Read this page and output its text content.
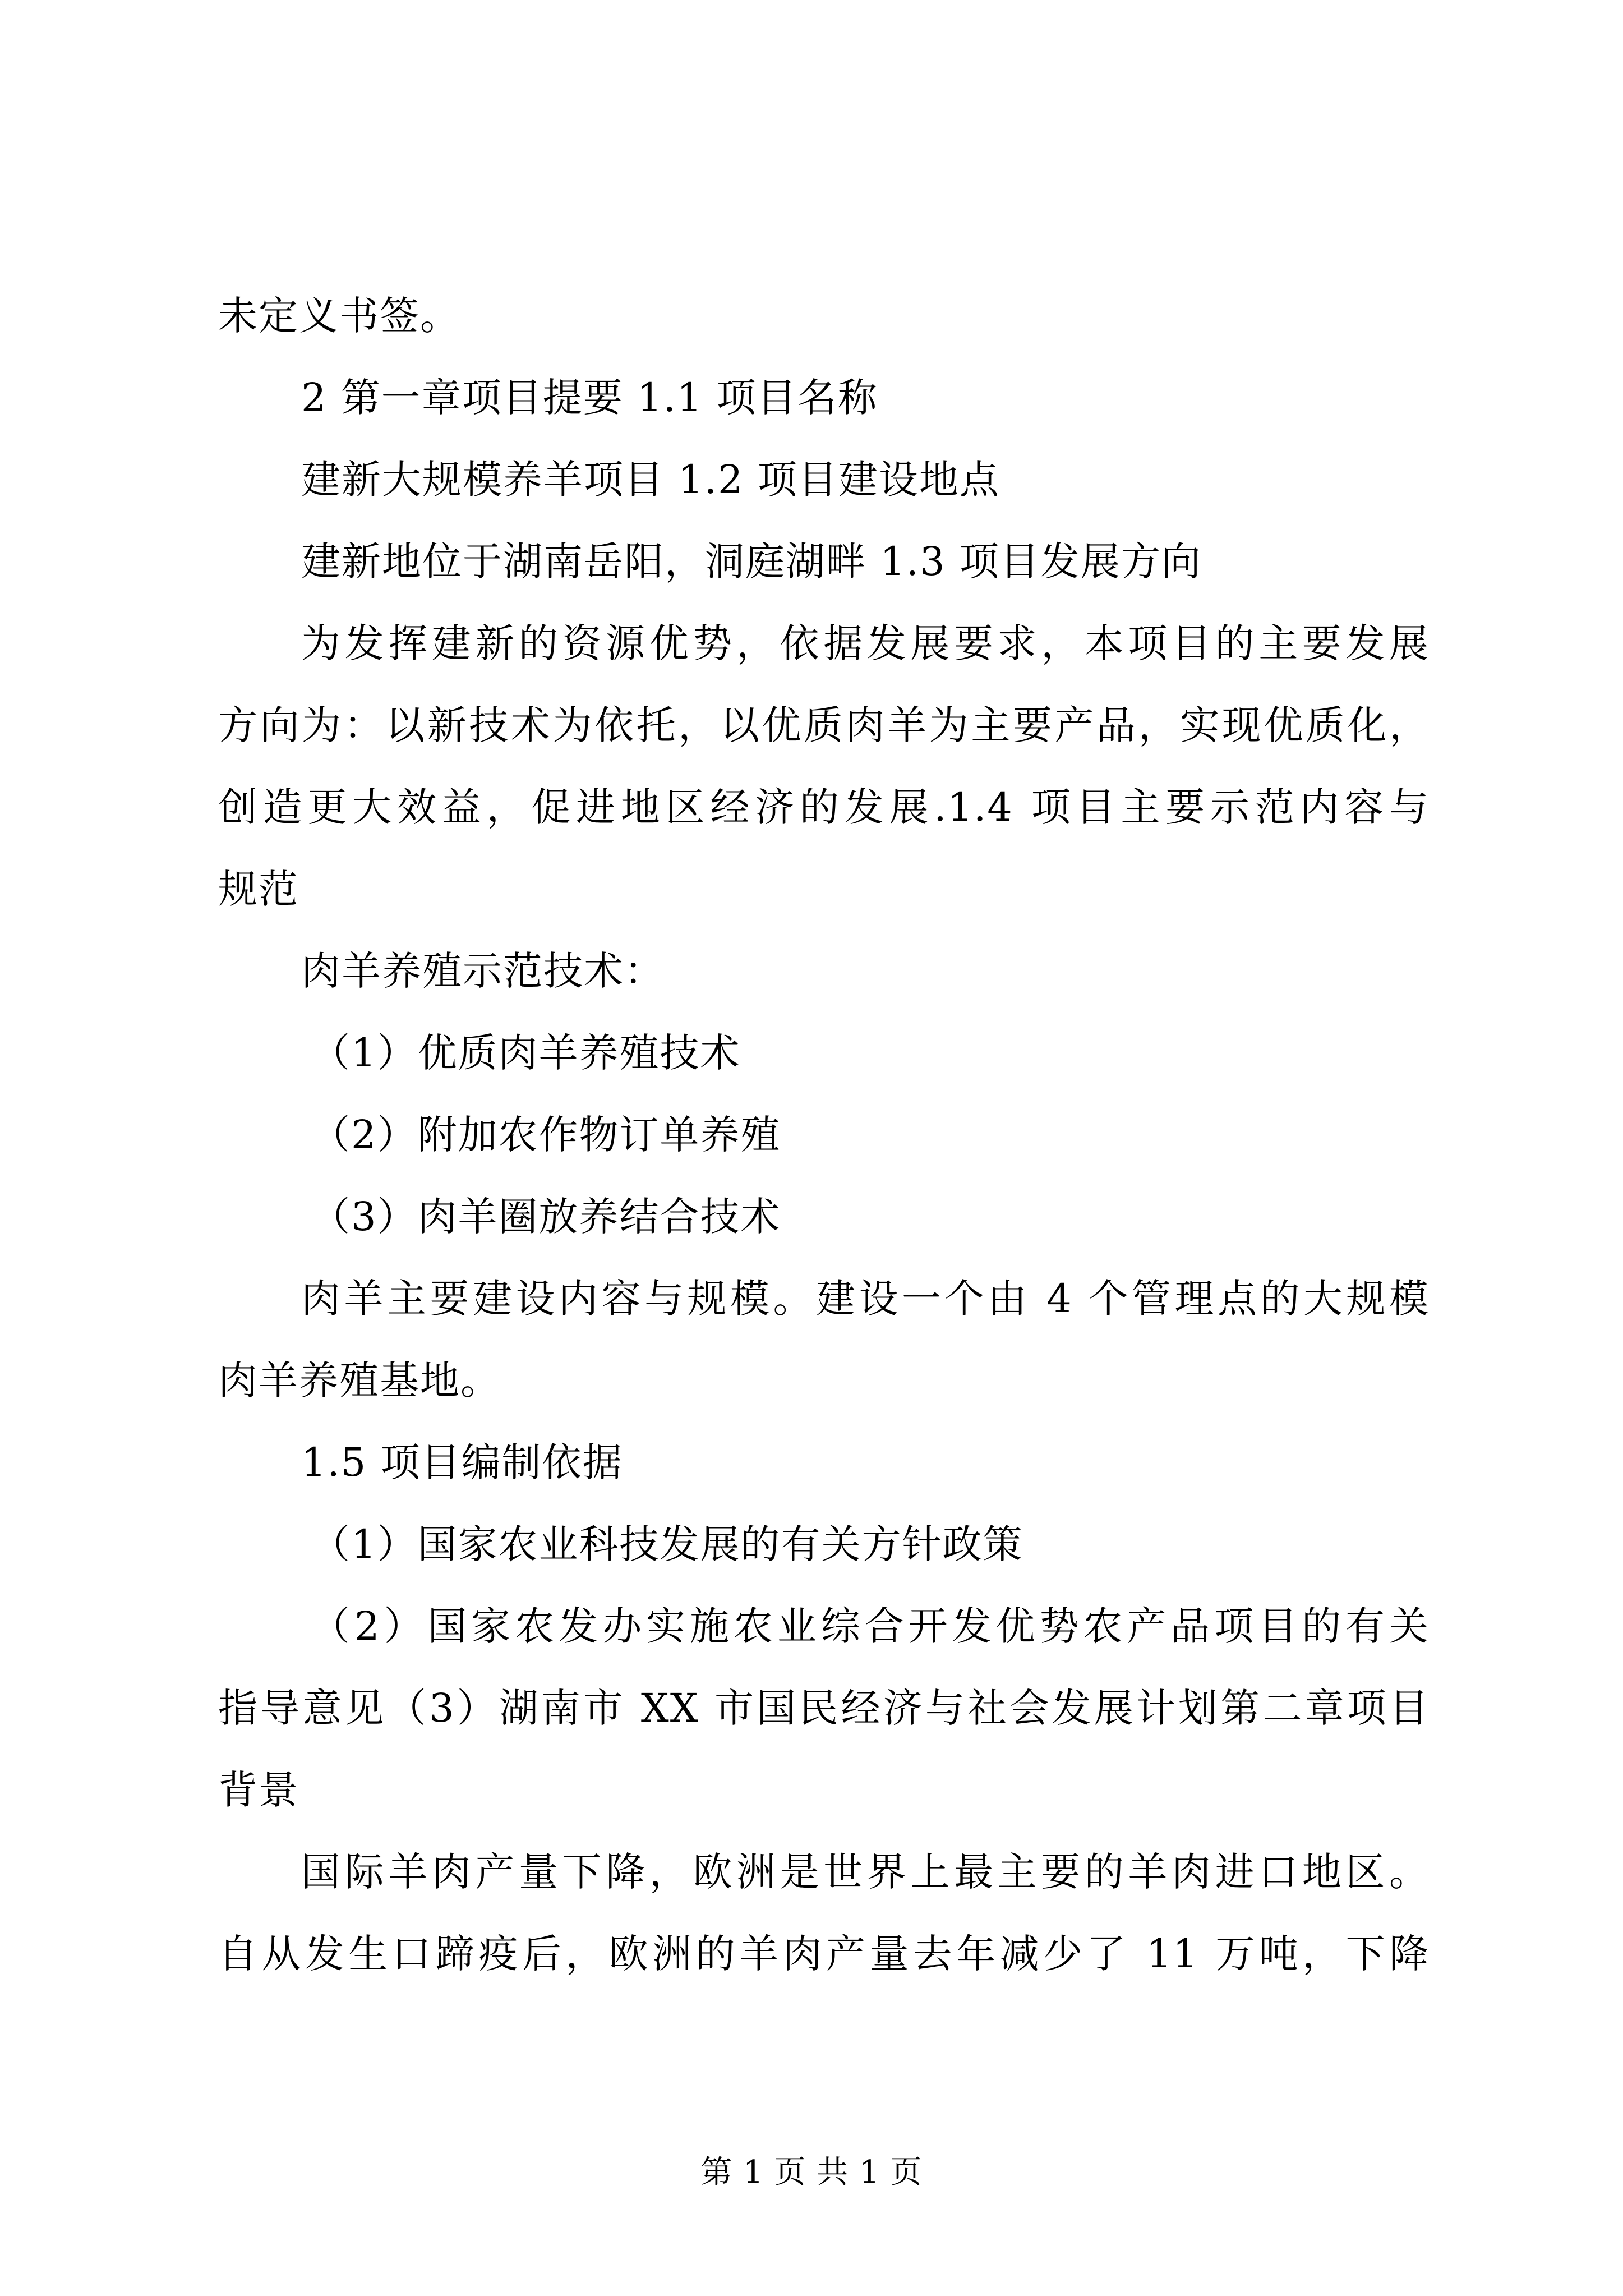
未定义书签。
2 第一章项目提要 1.1 项目名称
建新大规模养羊项目 1.2 项目建设地点
建新地位于湖南岳阳，洞庭湖畔 1.3 项目发展方向
为发挥建新的资源优势，依据发展要求，本项目的主要发展
方向为：以新技术为依托，以优质肉羊为主要产品，实现优质化，
创造更大效益，促进地区经济的发展.1.4 项目主要示范内容与
规范
肉羊养殖示范技术：
（1）优质肉羊养殖技术
（2）附加农作物订单养殖
（3）肉羊圈放养结合技术
肉羊主要建设内容与规模。建设一个由 4 个管理点的大规模
肉羊养殖基地。
1.5 项目编制依据
（1）国家农业科技发展的有关方针政策
（2）国家农发办实施农业综合开发优势农产品项目的有关
指导意见（3）湖南市 XX 市国民经济与社会发展计划第二章项目
背景
国际羊肉产量下降，欧洲是世界上最主要的羊肉进口地区。
自从发生口蹄疫后，欧洲的羊肉产量去年减少了 11 万吨，下降
第 1 页 共 1 页
